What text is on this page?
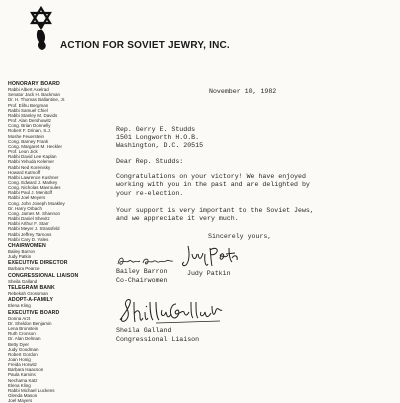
ACTION FOR SOVIET JEWRY, INC.
HONORARY BOARD
Rabbi Albert Axelrad
Senator Jack H. Backman
Dr. H. Thomas Ballantine, Jr.
Prof. Elihu Bergman
Rabbi Samuel Chiel
Rabbi Stanley M. Davids
Prof. Alan Dershowitz
Cong. Brian Donnelly
Robert F. Drinan, S.J.
Moshe Feuerstein
Cong. Barney Frank
Cong. Margaret M. Heckler
Prof. Leon Jick
Rabbi David Lee Kaplan
Rabbi Yehuda Kelemer
Rabbi Ned Korenisky
Howard Kutmoff
Rabbi Lawrence Kushner
Cong. Edward J. Markey
Cong. Nicholas Mavroules
Rabbi Paul J. Menitoff
Rabbi Joel Meyers
Cong. John Joseph Moakley
Dr. Harry Orbach
Cong. James M. Shannon
Rabbi Daniel Shevitz
Rabbi Arthur F. Starr
Rabbi Meyer J. Strassfeld
Rabbi Jeffrey Tarnoss
Rabbi Cary D. Yales
CHAIRWOMEN
Bailey Barron
Judy Patkin
EXECUTIVE DIRECTOR
Barbara Pearce
CONGRESSIONAL LIAISON
Sheila Galland
TELEGRAM BANK
Rebekah Grossman
ADOPT-A-FAMILY
Elena Kling
EXECUTIVE BOARD
Donna Arzt
Dr. Sheldon Benjamin
Lena Bronstein
Ruth Cronson
Dr. Alan Delman
Betty Dyer
Judy Goodman
Robert Gordon
Joan Honig
Freida Horwitz
Barbara Isaacson
Paula Kamins
Nechama Katz
Elena Kling
Rabbi Michael Luckens
Glenda Mason
Joel Mayers
November 10, 1982
Rep. Gerry E. Studds
1501 Longworth H.O.B.
Washington, D.C. 20515
Dear Rep. Studds:
Congratulations on your victory! We have enjoyed
working with you in the past and are delighted by
your re-election.
Your support is very important to the Soviet Jews,
and we appreciate it very much.
Sincerely yours,
Bailey Barron
Co-Chairwomen
Judy Patkin
Sheila Galland
Congressional Liaison
